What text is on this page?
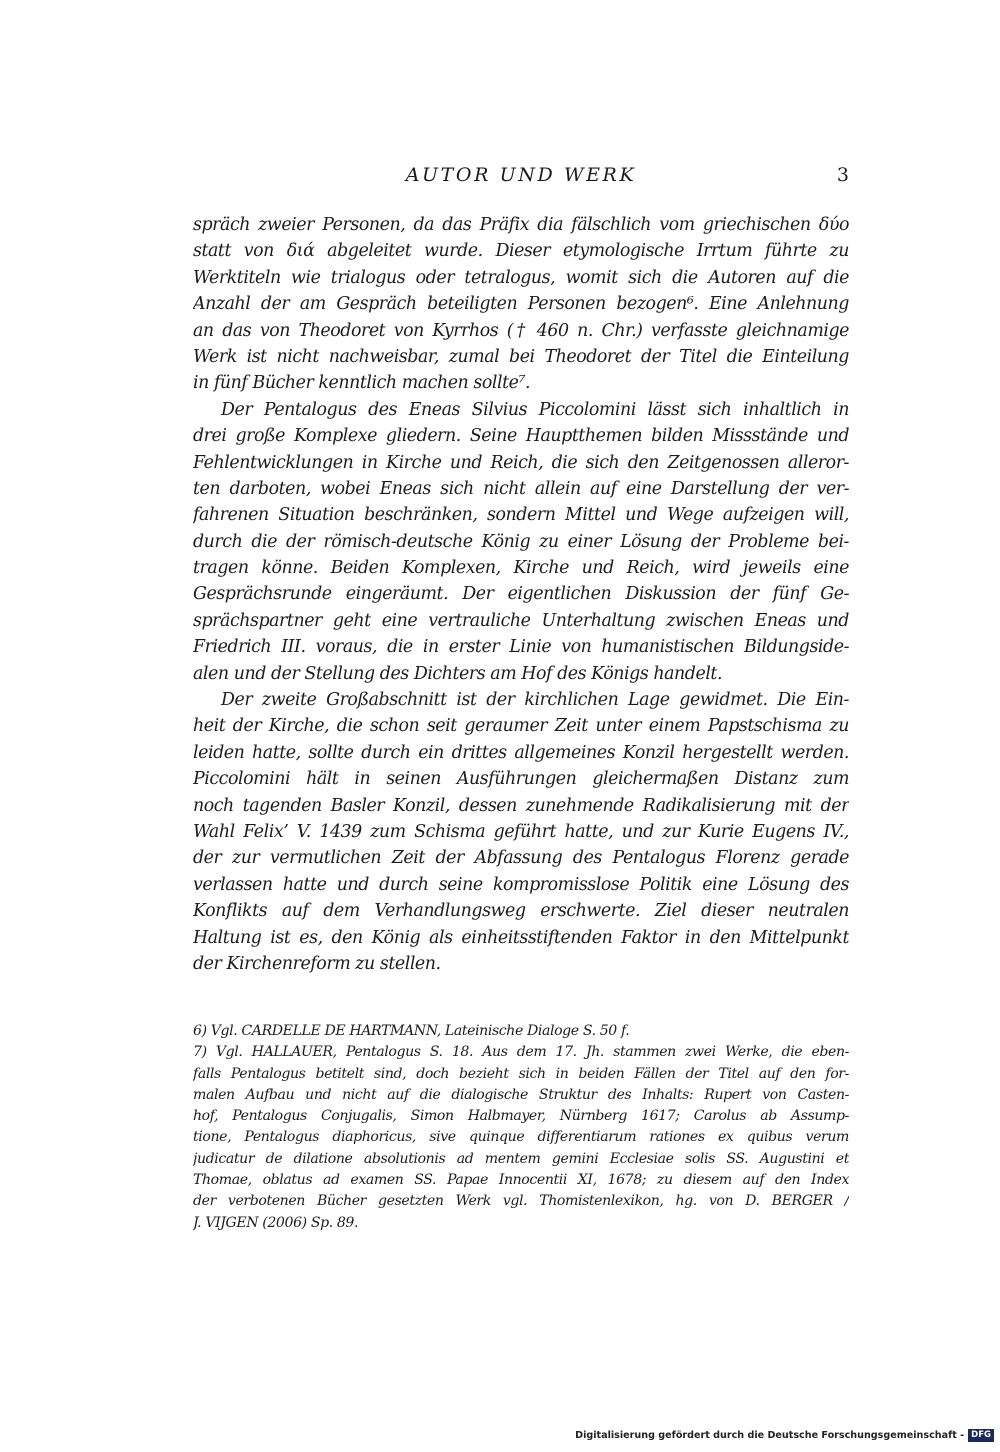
AUTOR UND WERK	3
spräch zweier Personen, da das Präfix dia fälschlich vom griechischen δύο
statt von διά abgeleitet wurde. Dieser etymologische Irrtum führte zu
Werktiteln wie trialogus oder tetralogus, womit sich die Autoren auf die
Anzahl der am Gespräch beteiligten Personen bezogen⁶. Eine Anlehnung
an das von Theodoret von Kyrrhos († 460 n. Chr.) verfasste gleichnamige
Werk ist nicht nachweisbar, zumal bei Theodoret der Titel die Einteilung
in fünf Bücher kenntlich machen sollte⁷.
Der Pentalogus des Eneas Silvius Piccolomini lässt sich inhaltlich in
drei große Komplexe gliedern. Seine Hauptthemen bilden Missstände und
Fehlentwicklungen in Kirche und Reich, die sich den Zeitgenossen alleror-
ten darboten, wobei Eneas sich nicht allein auf eine Darstellung der ver-
fahrenen Situation beschränken, sondern Mittel und Wege aufzeigen will,
durch die der römisch-deutsche König zu einer Lösung der Probleme bei-
tragen könne. Beiden Komplexen, Kirche und Reich, wird jeweils eine
Gesprächsrunde eingeräumt. Der eigentlichen Diskussion der fünf Ge-
sprächspartner geht eine vertrauliche Unterhaltung zwischen Eneas und
Friedrich III. voraus, die in erster Linie von humanistischen Bildungside-
alen und der Stellung des Dichters am Hof des Königs handelt.
Der zweite Großabschnitt ist der kirchlichen Lage gewidmet. Die Ein-
heit der Kirche, die schon seit geraumer Zeit unter einem Papstschisma zu
leiden hatte, sollte durch ein drittes allgemeines Konzil hergestellt werden.
Piccolomini hält in seinen Ausführungen gleichermaßen Distanz zum
noch tagenden Basler Konzil, dessen zunehmende Radikalisierung mit der
Wahl Felix’ V. 1439 zum Schisma geführt hatte, und zur Kurie Eugens IV.,
der zur vermutlichen Zeit der Abfassung des Pentalogus Florenz gerade
verlassen hatte und durch seine kompromisslose Politik eine Lösung des
Konflikts auf dem Verhandlungsweg erschwerte. Ziel dieser neutralen
Haltung ist es, den König als einheitsstiftenden Faktor in den Mittelpunkt
der Kirchenreform zu stellen.
6) Vgl. CARDELLE DE HARTMANN, Lateinische Dialoge S. 50 f.
7) Vgl. HALLAUER, Pentalogus S. 18. Aus dem 17. Jh. stammen zwei Werke, die eben-
falls Pentalogus betitelt sind, doch bezieht sich in beiden Fällen der Titel auf den for-
malen Aufbau und nicht auf die dialogische Struktur des Inhalts: Rupert von Casten-
hof, Pentalogus Conjugalis, Simon Halbmayer, Nürnberg 1617; Carolus ab Assump-
tione, Pentalogus diaphoricus, sive quinque differentiarum rationes ex quibus verum
judicatur de dilatione absolutionis ad mentem gemini Ecclesiae solis SS. Augustini et
Thomae, oblatus ad examen SS. Papae Innocentii XI, 1678; zu diesem auf den Index
der verbotenen Bücher gesetzten Werk vgl. Thomistenlexikon, hg. von D. BERGER /
J. VIJGEN (2006) Sp. 89.
Digitalisierung gefördert durch die Deutsche Forschungsgemeinschaft - DFG
